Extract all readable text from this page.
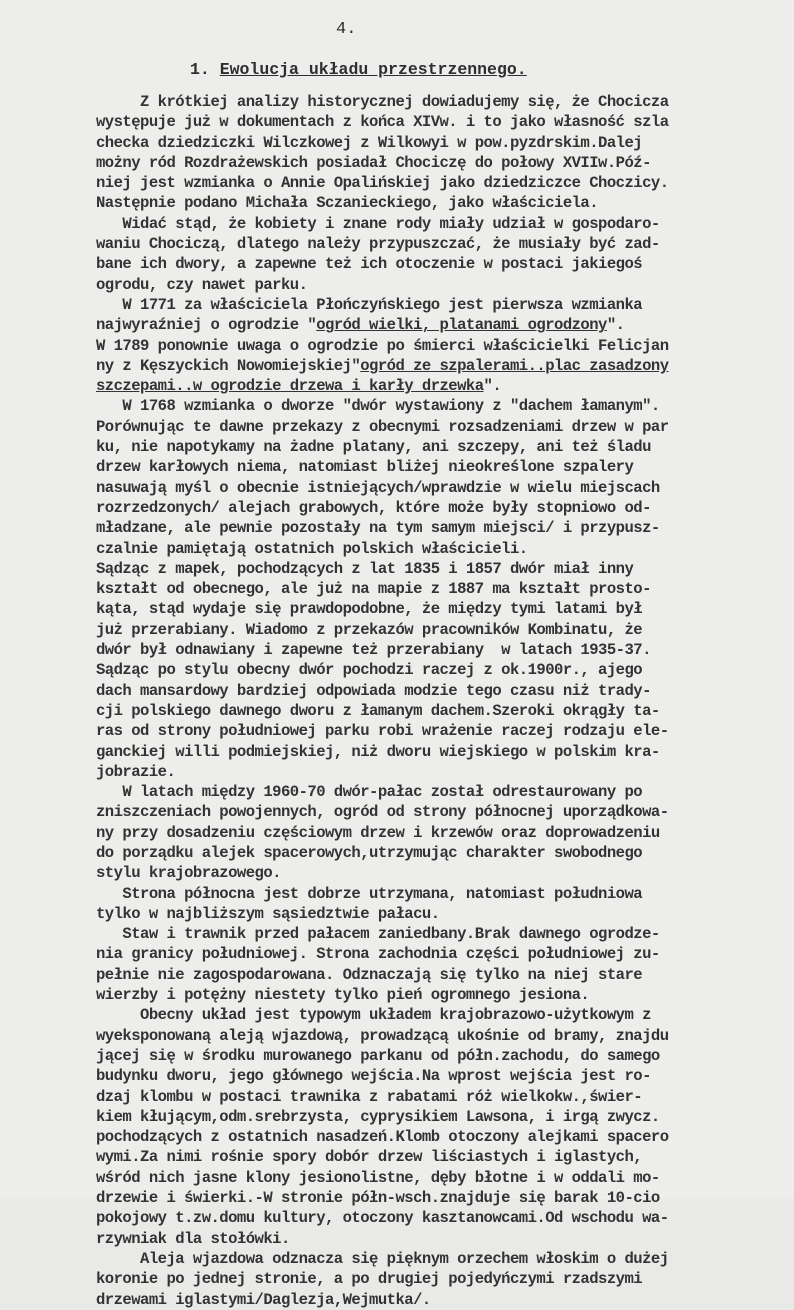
4.
1. Ewolucja układu przestrzennego.
Z krótkiej analizy historycznej dowiadujemy się, że Chocicza
występuje już w dokumentach z końca XIVw. i to jako własność szla
checka dziedziczki Wilczkowej z Wilkowyi w pow.pyzdrskim.Dalej
możny ród Rozdrażewskich posiadał Chociczę do połowy XVIIw.Póź-
niej jest wzmianka o Annie Opalińskiej jako dziedziczce Choczicy.
Następnie podano Michała Sczanieckiego, jako właściciela.
Widać stąd, że kobiety i znane rody miały udział w gospodaro-
waniu Chociczą, dlatego należy przypuszczać, że musiały być zad-
bane ich dwory, a zapewne też ich otoczenie w postaci jakiegoś
ogrodu, czy nawet parku.
W 1771 za właściciela Płończyńskiego jest pierwsza wzmianka
najwyraźniej o ogrodzie "ogród wielki, platanami ogrodzony".
W 1789 ponownie uwaga o ogrodzie po śmierci właścicielki Felicjan
ny z Kęszyckich Nowomiejskiej"ogród ze szpalerami..plac zasadzony
szczepami..w ogrodzie drzewa i karły drzewka".
W 1768 wzmianka o dworze "dwór wystawiony z "dachem łamanym".
Porównując te dawne przekazy z obecnymi rozsadzeniami drzew w par
ku, nie napotykamy na żadne platany, ani szczepy, ani też śladu
drzew karłowych niema, natomiast bliżej nieokreślone szpalery
nasuwają myśl o obecnie istniejących/wprawdzie w wielu miejscach
rozrzedzonych/ alejach grabowych, które może były stopniowo od-
mładzane, ale pewnie pozostały na tym samym miejsci/ i przypusz-
czalnie pamiętają ostatnich polskich właścicieli.
Sądząc z mapek, pochodzących z lat 1835 i 1857 dwór miał inny
kształt od obecnego, ale już na mapie z 1887 ma kształt prosto-
kąta, stąd wydaje się prawdopodobne, że między tymi latami był
już przerabiany. Wiadomo z przekazów pracowników Kombinatu, że
dwór był odnawiany i zapewne też przerabiany  w latach 1935-37.
Sądząc po stylu obecny dwór pochodzi raczej z ok.1900r., ajego
dach mansardowy bardziej odpowiada modzie tego czasu niż trady-
cji polskiego dawnego dworu z łamanym dachem.Szeroki okrągły ta-
ras od strony południowej parku robi wrażenie raczej rodzaju ele-
ganckiej willi podmiejskiej, niż dworu wiejskiego w polskim kra-
jobrazie.
W latach między 1960-70 dwór-pałac został odrestaurowany po
zniszczeniach powojennych, ogród od strony północnej uporządkowa-
ny przy dosadzeniu częściowym drzew i krzewów oraz doprowadzeniu
do porządku alejek spacerowych,utrzymując charakter swobodnego
stylu krajobrazowego.
Strona północna jest dobrze utrzymana, natomiast południowa
tylko w najbliższym sąsiedztwie pałacu.
Staw i trawnik przed pałacem zaniedbany.Brak dawnego ogrodze-
nia granicy południowej. Strona zachodnia części południowej zu-
pełnie nie zagospodarowana. Odznaczają się tylko na niej stare
wierzby i potężny niestety tylko pień ogromnego jesiona.
Obecny układ jest typowym układem krajobrazowo-użytkowym z
wyeksponowaną aleją wjazdową, prowadzącą ukośnie od bramy, znajdu
jącej się w środku murowanego parkanu od półn.zachodu, do samego
budynku dworu, jego głównego wejścia.Na wprost wejścia jest ro-
dzaj klombu w postaci trawnika z rabatami róż wielkokw.,świer-
kiem kłującym,odm.srebrzysta, cyprysikiem Lawsona, i irgą zwycz.
pochodzących z ostatnich nasadzeń.Klomb otoczony alejkami spacero
wymi.Za nimi rośnie spory dobór drzew liściastych i iglastych,
wśród nich jasne klony jesionolistne, dęby błotne i w oddali mo-
drzewie i świerki.-W stronie półn-wsch.znajduje się barak 10-cio
pokojowy t.zw.domu kultury, otoczony kasztanowcami.Od wschodu wa-
rzywniak dla stołówki.
Aleja wjazdowa odznacza się pięknym orzechem włoskim o dużej
koronie po jednej stronie, a po drugiej pojedyńczymi rzadszymi
drzewami iglastymi/Daglezja,Wejmutka/.
